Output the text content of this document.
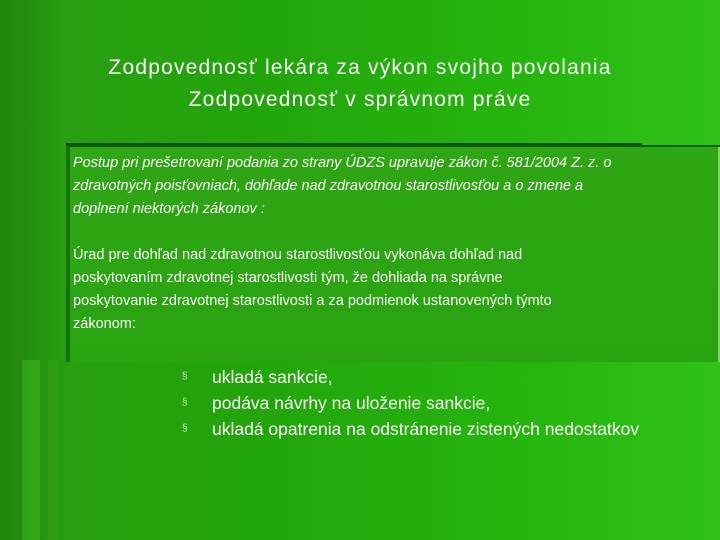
Zodpovednosť lekára za výkon svojho povolania
Zodpovednosť v správnom práve
Postup pri prešetrovaní podania zo strany ÚDZS upravuje zákon č. 581/2004 Z. z. o
zdravotných poisťovniach, dohľade nad zdravotnou starostlivosťou a o zmene a
doplnení niektorých zákonov :
Úrad pre dohľad nad zdravotnou starostlivosťou vykonáva dohľad nad
poskytovaním zdravotnej starostlivosti tým, že dohliada na správne
poskytovanie zdravotnej starostlivosti a za podmienok ustanovených týmto
zákonom:
§	ukladá sankcie,
§	podáva návrhy na uloženie sankcie,
§	ukladá opatrenia na odstránenie zistených nedostatkov
